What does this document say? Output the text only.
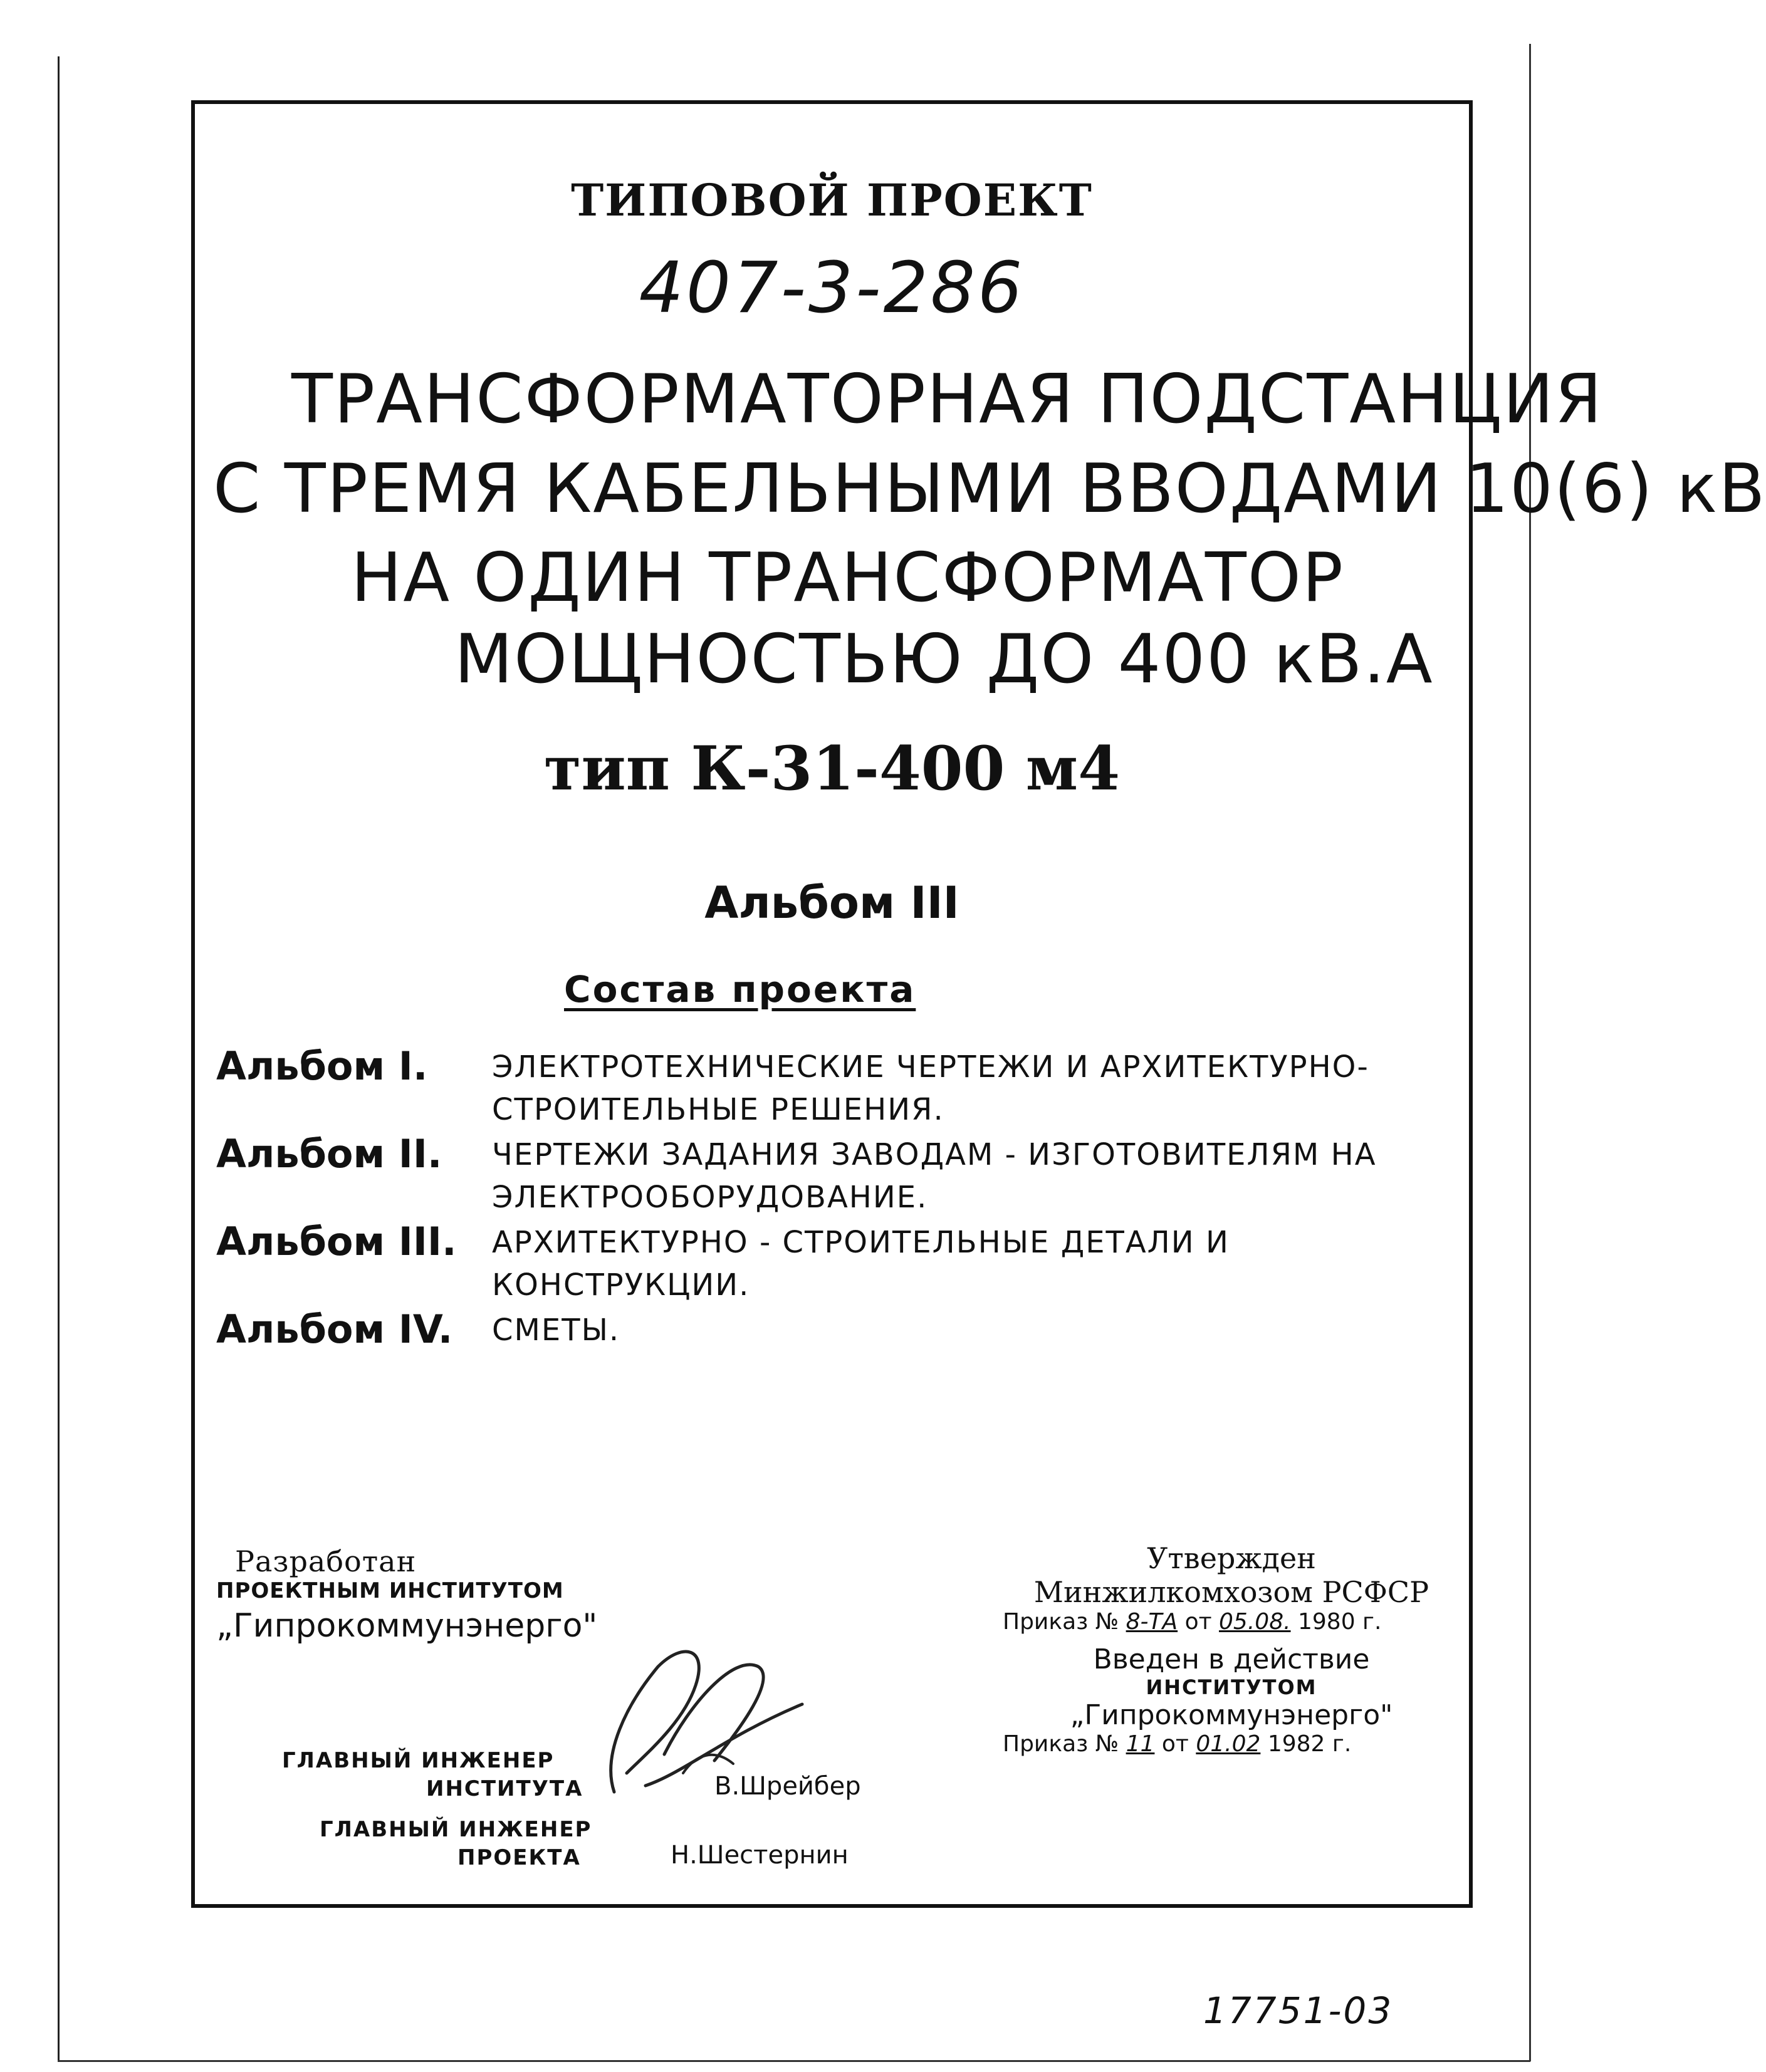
ТИПОВОЙ ПРОЕКТ
407-3-286
ТРАНСФОРМАТОРНАЯ ПОДСТАНЦИЯ
С ТРЕМЯ КАБЕЛЬНЫМИ ВВОДАМИ 10(6) кВ
НА ОДИН ТРАНСФОРМАТОР
МОЩНОСТЬЮ ДО 400 кВ.А
тип К-31-400 м4
Альбом III
Состав проекта
Альбом I. ЭЛЕКТРОТЕХНИЧЕСКИЕ ЧЕРТЕЖИ И АРХИТЕКТУРНО-СТРОИТЕЛЬНЫЕ РЕШЕНИЯ.
Альбом II. ЧЕРТЕЖИ ЗАДАНИЯ ЗАВОДАМ - ИЗГОТОВИТЕЛЯМ НА ЭЛЕКТРООБОРУДОВАНИЕ.
Альбом III. АРХИТЕКТУРНО - СТРОИТЕЛЬНЫЕ ДЕТАЛИ И КОНСТРУКЦИИ.
Альбом IV. СМЕТЫ.
Разработан
ПРОЕКТНЫМ ИНСТИТУТОМ
„Гипрокоммунэнерго"
ГЛАВНЫЙ ИНЖЕНЕР
ИНСТИТУТА	В.Шрейбер
ГЛАВНЫЙ ИНЖЕНЕР
ПРОЕКТА	Н.Шестернин
Утвержден
Минжилкомхозом РСФСР
Приказ № 8-ТА от 05.08. 1980 г.
Введен в действие
ИНСТИТУТОМ
„Гипрокоммунэнерго"
Приказ № 11 от 01.02 1982 г.
17751-03
